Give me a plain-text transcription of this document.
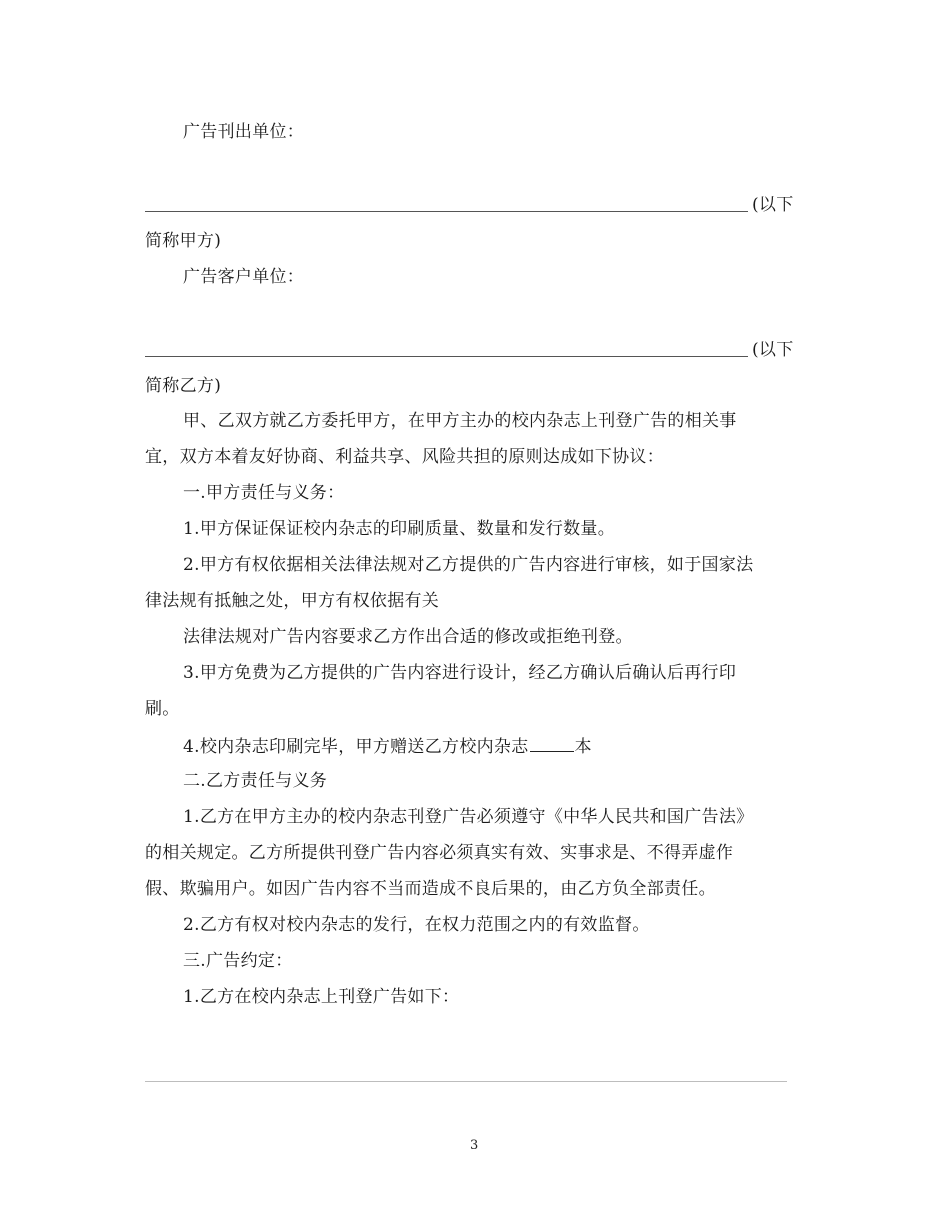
广告刊出单位：
(以下
简称甲方)
广告客户单位：
(以下
简称乙方)
甲、乙双方就乙方委托甲方，在甲方主办的校内杂志上刊登广告的相关事
宜，双方本着友好协商、利益共享、风险共担的原则达成如下协议：
一.甲方责任与义务：
1.甲方保证保证校内杂志的印刷质量、数量和发行数量。
2.甲方有权依据相关法律法规对乙方提供的广告内容进行审核，如于国家法
律法规有抵触之处，甲方有权依据有关
法律法规对广告内容要求乙方作出合适的修改或拒绝刊登。
3.甲方免费为乙方提供的广告内容进行设计，经乙方确认后确认后再行印
刷。
4.校内杂志印刷完毕，甲方赠送乙方校内杂志	本
二.乙方责任与义务
1.乙方在甲方主办的校内杂志刊登广告必须遵守《中华人民共和国广告法》
的相关规定。乙方所提供刊登广告内容必须真实有效、实事求是、不得弄虚作
假、欺骗用户。如因广告内容不当而造成不良后果的，由乙方负全部责任。
2.乙方有权对校内杂志的发行，在权力范围之内的有效监督。
三.广告约定：
1.乙方在校内杂志上刊登广告如下：
3
